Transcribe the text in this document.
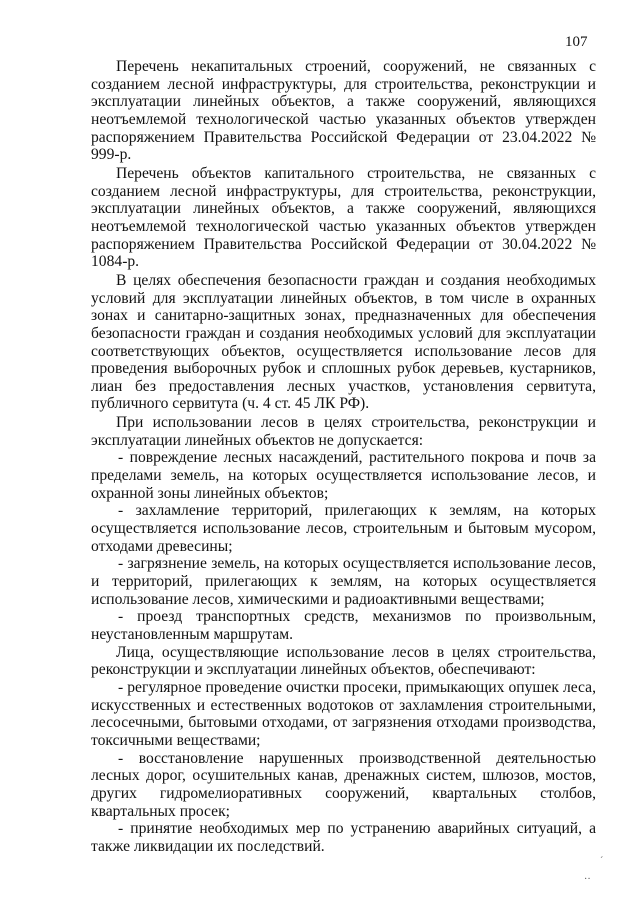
107

Перечень некапитальных строений, сооружений, не связанных с созданием лесной инфраструктуры, для строительства, реконструкции и эксплуатации линейных объектов, а также сооружений, являющихся неотъемлемой технологической частью указанных объектов утвержден распоряжением Правительства Российской Федерации от 23.04.2022 № 999-р.

Перечень объектов капитального строительства, не связанных с созданием лесной инфраструктуры, для строительства, реконструкции, эксплуатации линейных объектов, а также сооружений, являющихся неотъемлемой технологической частью указанных объектов утвержден распоряжением Правительства Российской Федерации от 30.04.2022 № 1084-р.

В целях обеспечения безопасности граждан и создания необходимых условий для эксплуатации линейных объектов, в том числе в охранных зонах и санитарно-защитных зонах, предназначенных для обеспечения безопасности граждан и создания необходимых условий для эксплуатации соответствующих объектов, осуществляется использование лесов для проведения выборочных рубок и сплошных рубок деревьев, кустарников, лиан без предоставления лесных участков, установления сервитута, публичного сервитута (ч. 4 ст. 45 ЛК РФ).

При использовании лесов в целях строительства, реконструкции и эксплуатации линейных объектов не допускается:

- повреждение лесных насаждений, растительного покрова и почв за пределами земель, на которых осуществляется использование лесов, и охранной зоны линейных объектов;

- захламление территорий, прилегающих к землям, на которых осуществляется использование лесов, строительным и бытовым мусором, отходами древесины;

- загрязнение земель, на которых осуществляется использование лесов, и территорий, прилегающих к землям, на которых осуществляется использование лесов, химическими и радиоактивными веществами;

- проезд транспортных средств, механизмов по произвольным, неустановленным маршрутам.

Лица, осуществляющие использование лесов в целях строительства, реконструкции и эксплуатации линейных объектов, обеспечивают:

- регулярное проведение очистки просеки, примыкающих опушек леса, искусственных и естественных водотоков от захламления строительными, лесосечными, бытовыми отходами, от загрязнения отходами производства, токсичными веществами;

- восстановление нарушенных производственной деятельностью лесных дорог, осушительных канав, дренажных систем, шлюзов, мостов, других гидромелиоративных сооружений, квартальных столбов, квартальных просек;

- принятие необходимых мер по устранению аварийных ситуаций, а также ликвидации их последствий.

ˊ
··
